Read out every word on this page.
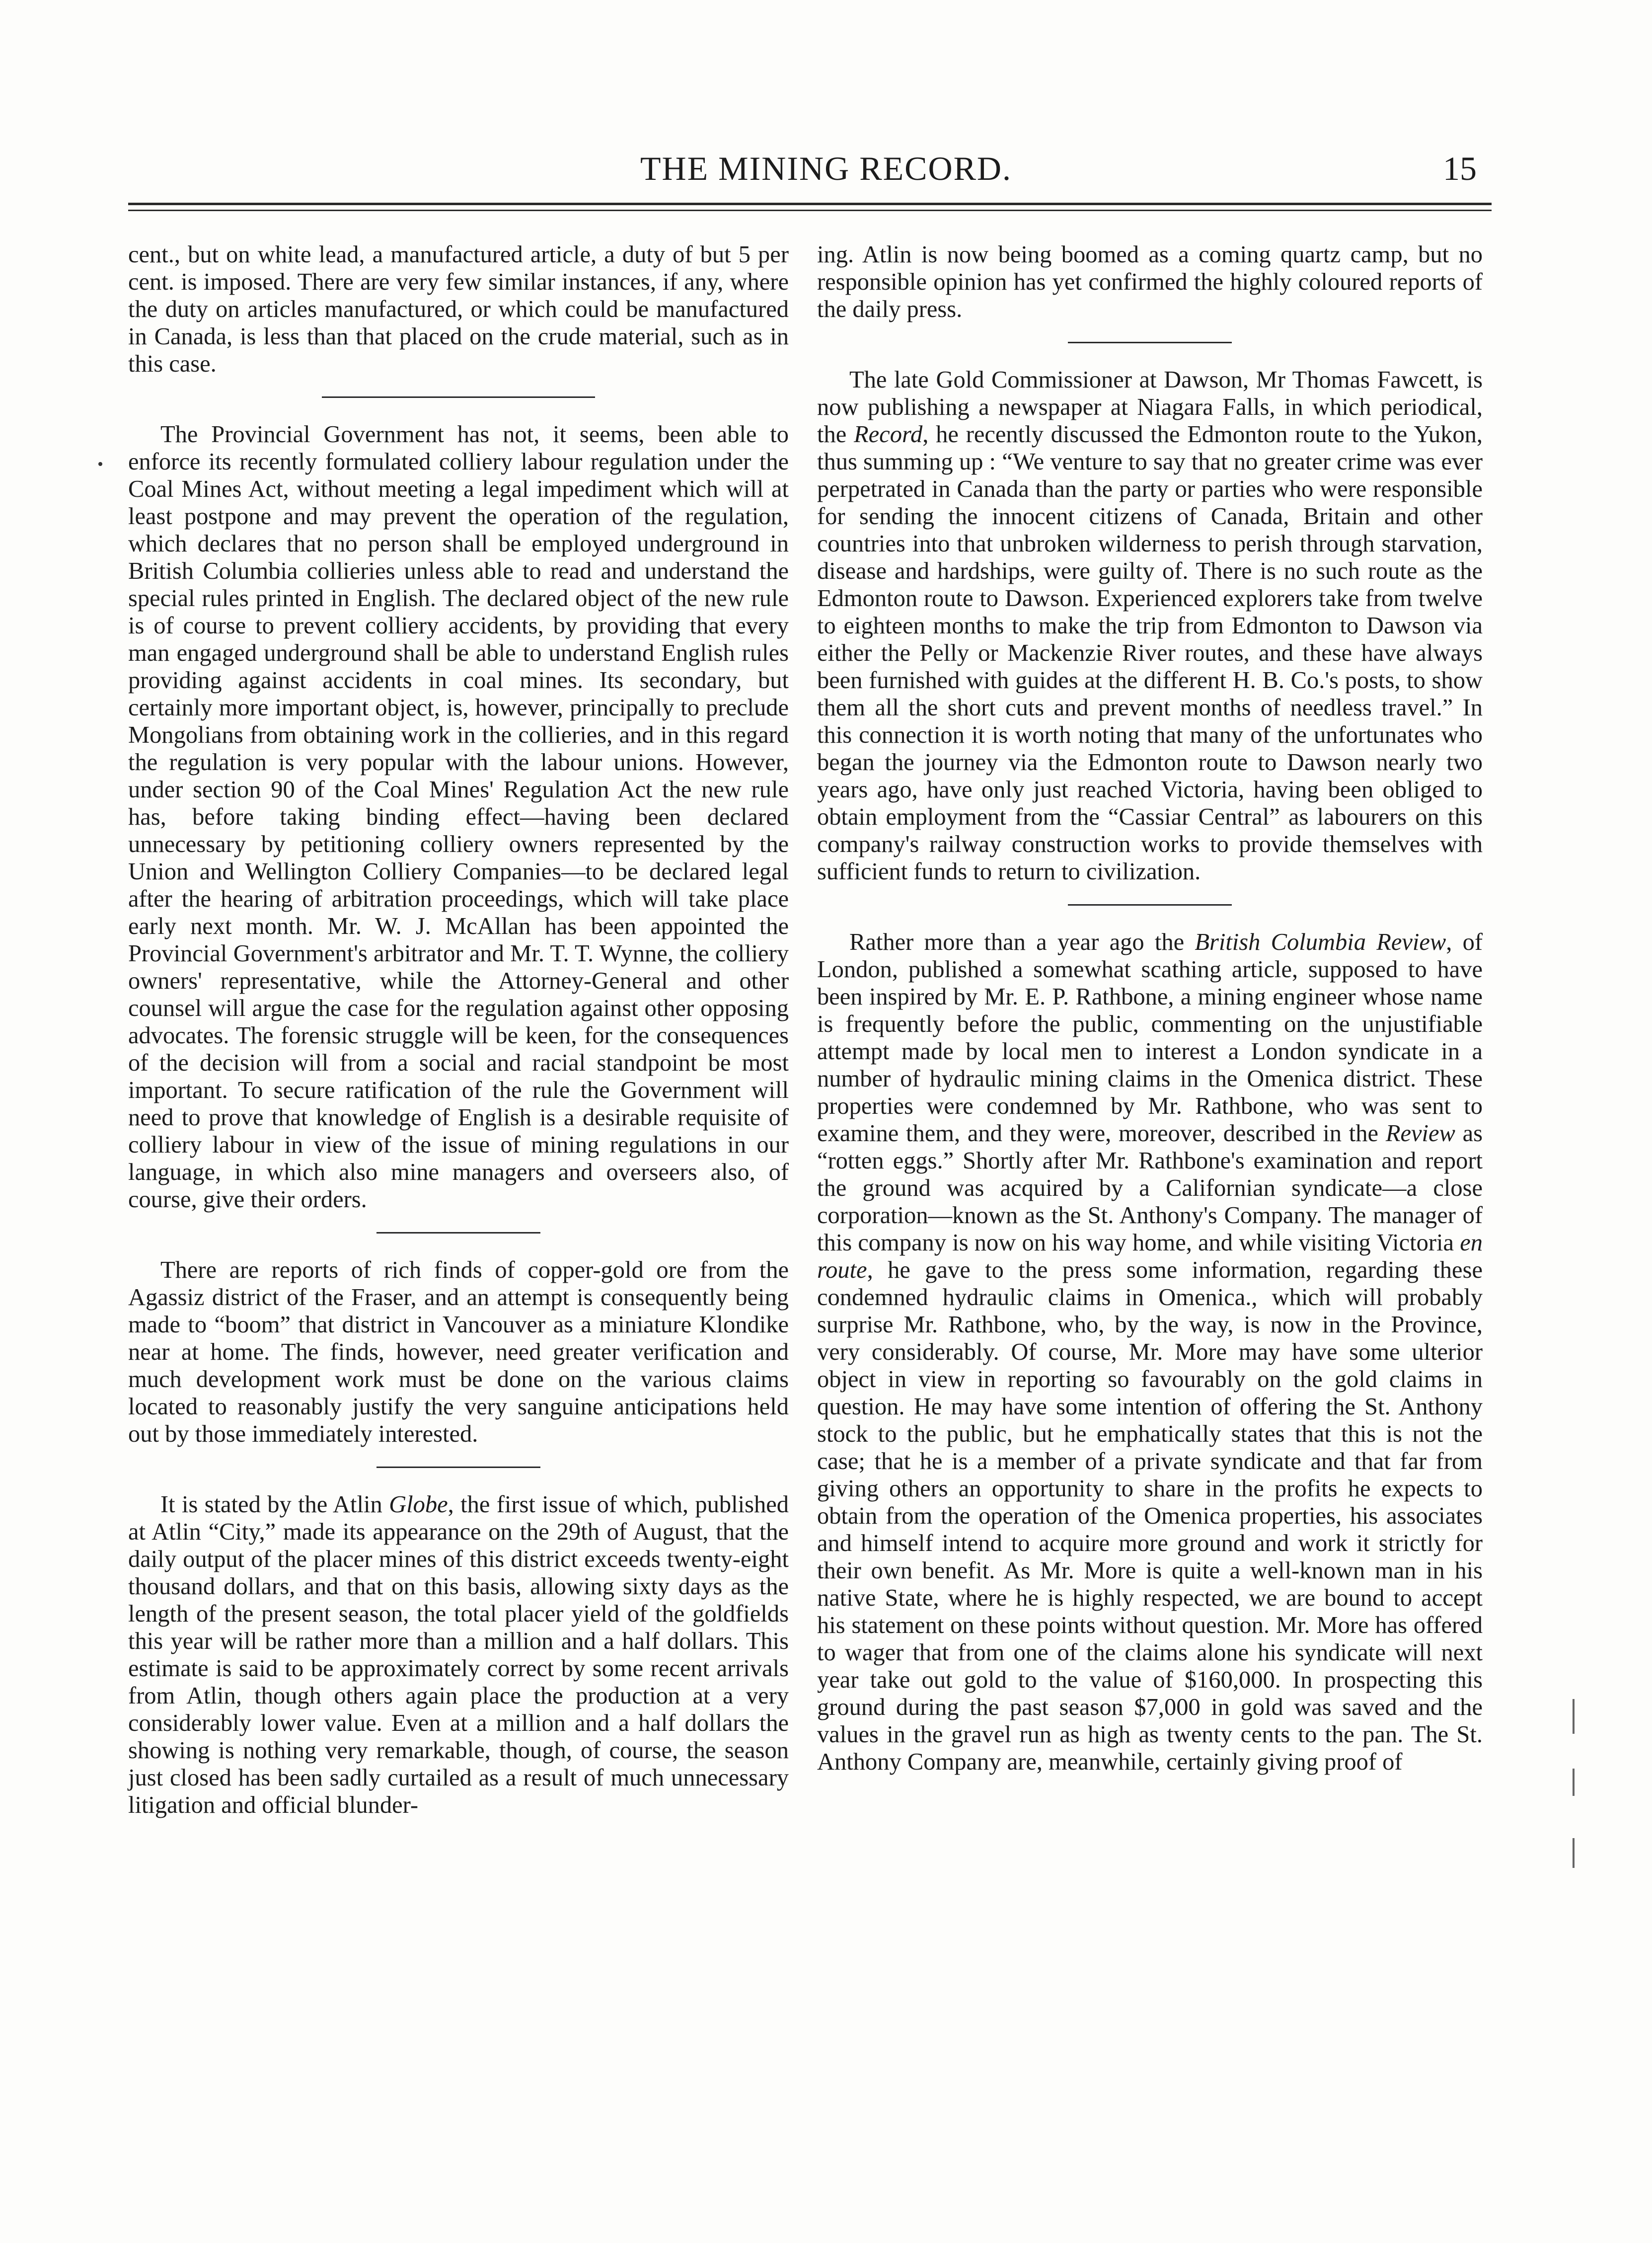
THE MINING RECORD.	15

cent., but on white lead, a manufactured article, a duty of but 5 per cent. is imposed. There are very few similar instances, if any, where the duty on articles manufactured, or which could be manufactured in Canada, is less than that placed on the crude material, such as in this case.

The Provincial Government has not, it seems, been able to enforce its recently formulated colliery labour regulation under the Coal Mines Act, without meeting a legal impediment which will at least postpone and may prevent the operation of the regulation, which declares that no person shall be employed underground in British Columbia collieries unless able to read and understand the special rules printed in English. The declared object of the new rule is of course to prevent colliery accidents, by providing that every man engaged underground shall be able to understand English rules providing against accidents in coal mines. Its secondary, but certainly more important object, is, however, principally to preclude Mongolians from obtaining work in the collieries, and in this regard the regulation is very popular with the labour unions. However, under section 90 of the Coal Mines' Regulation Act the new rule has, before taking binding effect—having been declared unnecessary by petitioning colliery owners represented by the Union and Wellington Colliery Companies—to be declared legal after the hearing of arbitration proceedings, which will take place early next month. Mr. W. J. McAllan has been appointed the Provincial Government's arbitrator and Mr. T. T. Wynne, the colliery owners' representative, while the Attorney-General and other counsel will argue the case for the regulation against other opposing advocates. The forensic struggle will be keen, for the consequences of the decision will from a social and racial standpoint be most important. To secure ratification of the rule the Government will need to prove that knowledge of English is a desirable requisite of colliery labour in view of the issue of mining regulations in our language, in which also mine managers and overseers also, of course, give their orders.

There are reports of rich finds of copper-gold ore from the Agassiz district of the Fraser, and an attempt is consequently being made to “boom” that district in Vancouver as a miniature Klondike near at home. The finds, however, need greater verification and much development work must be done on the various claims located to reasonably justify the very sanguine anticipations held out by those immediately interested.

It is stated by the Atlin Globe, the first issue of which, published at Atlin “City,” made its appearance on the 29th of August, that the daily output of the placer mines of this district exceeds twenty-eight thousand dollars, and that on this basis, allowing sixty days as the length of the present season, the total placer yield of the goldfields this year will be rather more than a million and a half dollars. This estimate is said to be approximately correct by some recent arrivals from Atlin, though others again place the production at a very considerably lower value. Even at a million and a half dollars the showing is nothing very remarkable, though, of course, the season just closed has been sadly curtailed as a result of much unnecessary litigation and official blunder-

ing. Atlin is now being boomed as a coming quartz camp, but no responsible opinion has yet confirmed the highly coloured reports of the daily press.

The late Gold Commissioner at Dawson, Mr Thomas Fawcett, is now publishing a newspaper at Niagara Falls, in which periodical, the Record, he recently discussed the Edmonton route to the Yukon, thus summing up : “We venture to say that no greater crime was ever perpetrated in Canada than the party or parties who were responsible for sending the innocent citizens of Canada, Britain and other countries into that unbroken wilderness to perish through starvation, disease and hardships, were guilty of. There is no such route as the Edmonton route to Dawson. Experienced explorers take from twelve to eighteen months to make the trip from Edmonton to Dawson via either the Pelly or Mackenzie River routes, and these have always been furnished with guides at the different H. B. Co.'s posts, to show them all the short cuts and prevent months of needless travel.” In this connection it is worth noting that many of the unfortunates who began the journey via the Edmonton route to Dawson nearly two years ago, have only just reached Victoria, having been obliged to obtain employment from the “Cassiar Central” as labourers on this company's railway construction works to provide themselves with sufficient funds to return to civilization.

Rather more than a year ago the British Columbia Review, of London, published a somewhat scathing article, supposed to have been inspired by Mr. E. P. Rathbone, a mining engineer whose name is frequently before the public, commenting on the unjustifiable attempt made by local men to interest a London syndicate in a number of hydraulic mining claims in the Omenica district. These properties were condemned by Mr. Rathbone, who was sent to examine them, and they were, moreover, described in the Review as “rotten eggs.” Shortly after Mr. Rathbone's examination and report the ground was acquired by a Californian syndicate—a close corporation—known as the St. Anthony's Company. The manager of this company is now on his way home, and while visiting Victoria en route, he gave to the press some information, regarding these condemned hydraulic claims in Omenica., which will probably surprise Mr. Rathbone, who, by the way, is now in the Province, very considerably. Of course, Mr. More may have some ulterior object in view in reporting so favourably on the gold claims in question. He may have some intention of offering the St. Anthony stock to the public, but he emphatically states that this is not the case; that he is a member of a private syndicate and that far from giving others an opportunity to share in the profits he expects to obtain from the operation of the Omenica properties, his associates and himself intend to acquire more ground and work it strictly for their own benefit. As Mr. More is quite a well-known man in his native State, where he is highly respected, we are bound to accept his statement on these points without question. Mr. More has offered to wager that from one of the claims alone his syndicate will next year take out gold to the value of $160,000. In prospecting this ground during the past season $7,000 in gold was saved and the values in the gravel run as high as twenty cents to the pan. The St. Anthony Company are, meanwhile, certainly giving proof of
